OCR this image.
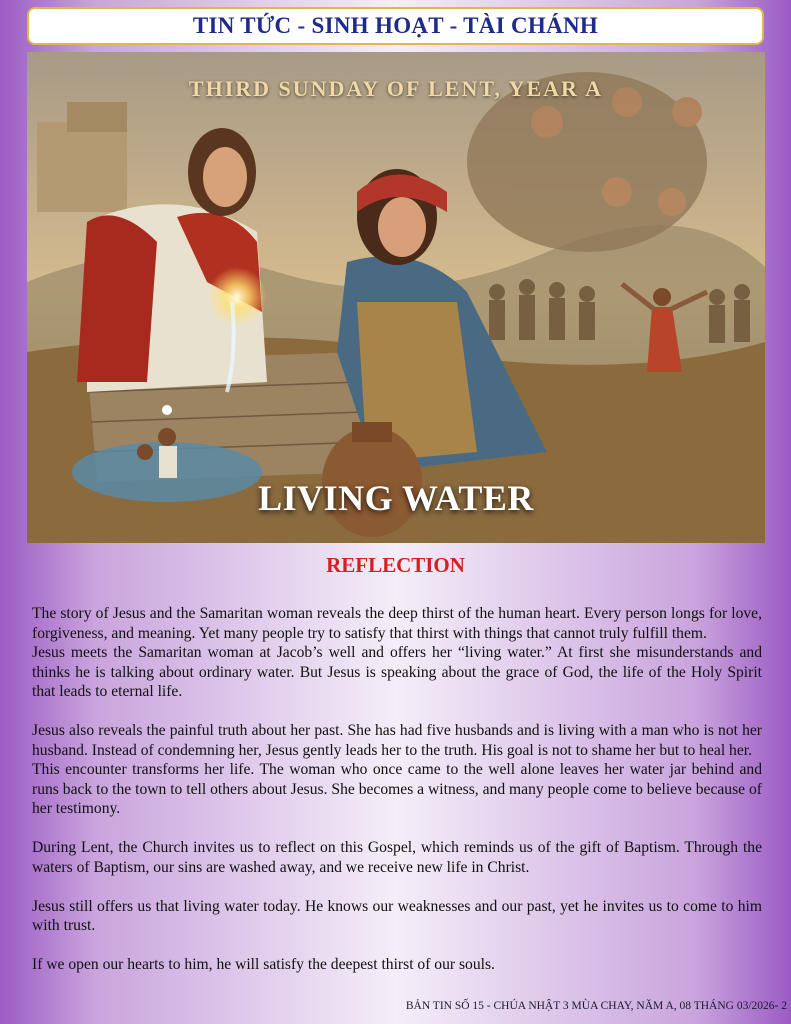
TIN TỨC - SINH HOẠT - TÀI CHÁNH
THIRD SUNDAY OF LENT, YEAR A
LIVING WATER
REFLECTION

The story of Jesus and the Samaritan woman reveals the deep thirst of the human heart. Every person longs for love, forgiveness, and meaning. Yet many people try to satisfy that thirst with things that cannot truly fulfill them.

Jesus meets the Samaritan woman at Jacob’s well and offers her “living water.” At first she misunderstands and thinks he is talking about ordinary water. But Jesus is speaking about the grace of God, the life of the Holy Spirit that leads to eternal life.

Jesus also reveals the painful truth about her past. She has had five husbands and is living with a man who is not her husband. Instead of condemning her, Jesus gently leads her to the truth. His goal is not to shame her but to heal her.

This encounter transforms her life. The woman who once came to the well alone leaves her water jar behind and runs back to the town to tell others about Jesus. She becomes a witness, and many people come to believe because of her testimony.

During Lent, the Church invites us to reflect on this Gospel, which reminds us of the gift of Baptism. Through the waters of Baptism, our sins are washed away, and we receive new life in Christ.

Jesus still offers us that living water today. He knows our weaknesses and our past, yet he invites us to come to him with trust.

If we open our hearts to him, he will satisfy the deepest thirst of our souls.

BẢN TIN SỐ 15 - CHÚA NHẬT 3 MÙA CHAY, NĂM A, 08 THÁNG 03/2026- 2
